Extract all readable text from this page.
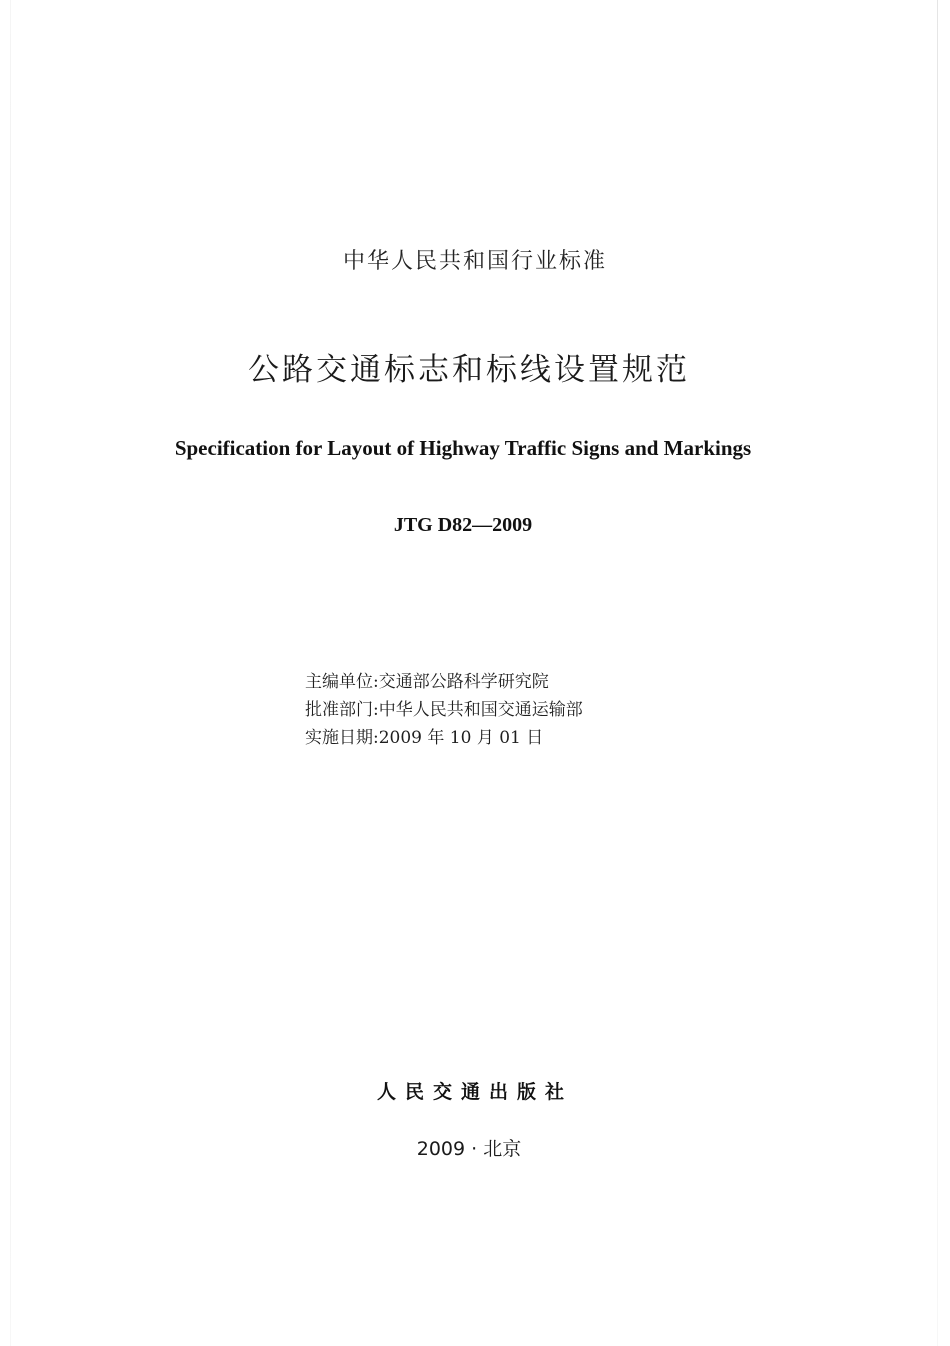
中华人民共和国行业标准
公路交通标志和标线设置规范
Specification for Layout of Highway Traffic Signs and Markings
JTG D82—2009
主编单位:交通部公路科学研究院
批准部门:中华人民共和国交通运输部
实施日期:2009 年 10 月 01 日
人民交通出版社
2009 · 北京
